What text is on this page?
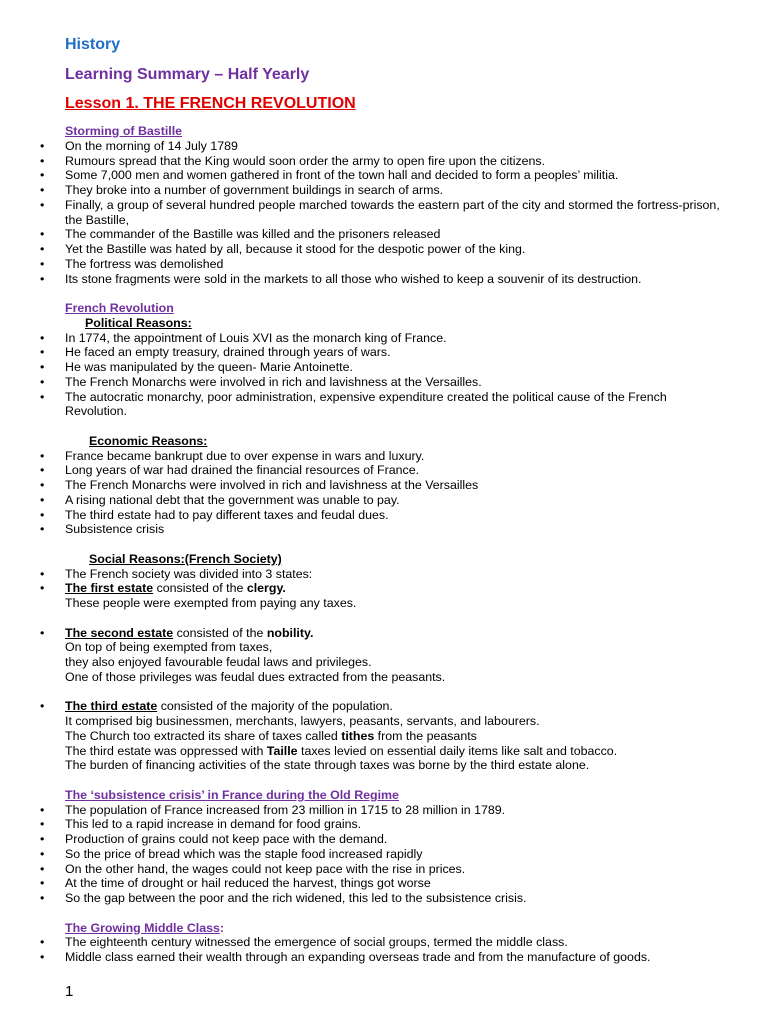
History
Learning Summary – Half Yearly
Lesson 1. THE FRENCH REVOLUTION
Storming of Bastille
• On the morning of 14 July 1789
• Rumours spread that the King would soon order the army to open fire upon the citizens.
• Some 7,000 men and women gathered in front of the town hall and decided to form a peoples’ militia.
• They broke into a number of government buildings in search of arms.
• Finally, a group of several hundred people marched towards the eastern part of the city and stormed the fortress-prison, the Bastille,
• The commander of the Bastille was killed and the prisoners released
• Yet the Bastille was hated by all, because it stood for the despotic power of the king.
• The fortress was demolished
• Its stone fragments were sold in the markets to all those who wished to keep a souvenir of its destruction.
French Revolution
Political Reasons:
• In 1774, the appointment of Louis XVI as the monarch king of France.
• He faced an empty treasury, drained through years of wars.
• He was manipulated by the queen- Marie Antoinette.
• The French Monarchs were involved in rich and lavishness at the Versailles.
• The autocratic monarchy, poor administration, expensive expenditure created the political cause of the French Revolution.
Economic Reasons:
• France became bankrupt due to over expense in wars and luxury.
• Long years of war had drained the financial resources of France.
• The French Monarchs were involved in rich and lavishness at the Versailles
• A rising national debt that the government was unable to pay.
• The third estate had to pay different taxes and feudal dues.
• Subsistence crisis
Social Reasons:(French Society)
• The French society was divided into 3 states:
• The first estate consisted of the clergy.
These people were exempted from paying any taxes.
• The second estate consisted of the nobility.
On top of being exempted from taxes,
they also enjoyed favourable feudal laws and privileges.
One of those privileges was feudal dues extracted from the peasants.
• The third estate consisted of the majority of the population.
It comprised big businessmen, merchants, lawyers, peasants, servants, and labourers.
The Church too extracted its share of taxes called tithes from the peasants
The third estate was oppressed with Taille taxes levied on essential daily items like salt and tobacco.
The burden of financing activities of the state through taxes was borne by the third estate alone.
The ‘subsistence crisis’ in France during the Old Regime
• The population of France increased from 23 million in 1715 to 28 million in 1789.
• This led to a rapid increase in demand for food grains.
• Production of grains could not keep pace with the demand.
• So the price of bread which was the staple food increased rapidly
• On the other hand, the wages could not keep pace with the rise in prices.
• At the time of drought or hail reduced the harvest, things got worse
• So the gap between the poor and the rich widened, this led to the subsistence crisis.
The Growing Middle Class:
• The eighteenth century witnessed the emergence of social groups, termed the middle class.
• Middle class earned their wealth through an expanding overseas trade and from the manufacture of goods.
1
